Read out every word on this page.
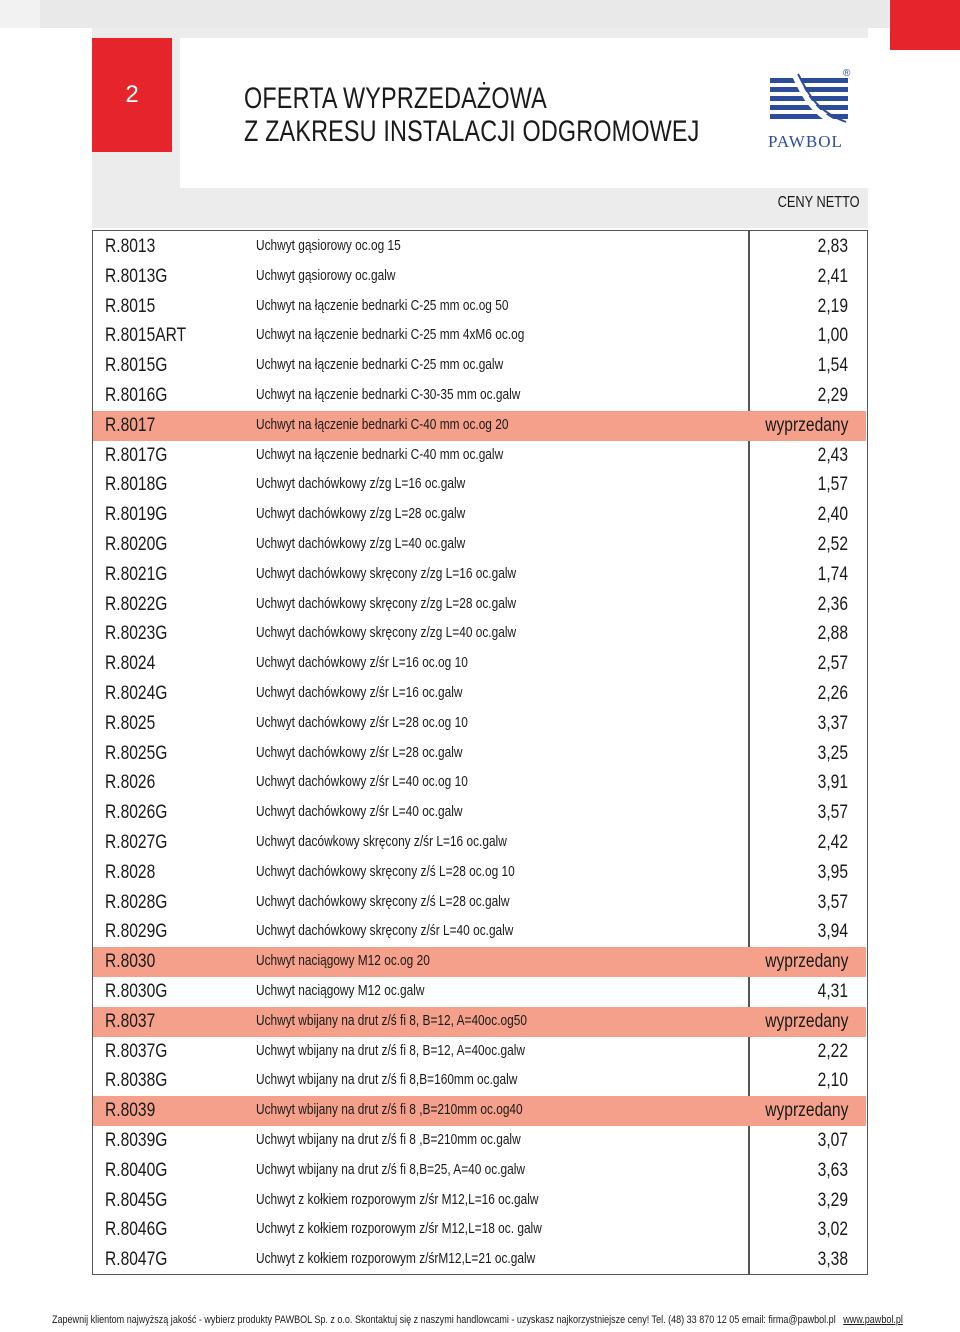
2	OFERTA WYPRZEDAŻOWA
Z ZAKRESU INSTALACJI ODGROMOWEJ	PAWBOL
®
CENY NETTO
R.8013	Uchwyt gąsiorowy oc.og 15	2,83
R.8013G	Uchwyt gąsiorowy oc.galw	2,41
R.8015	Uchwyt na łączenie bednarki C-25 mm oc.og 50	2,19
R.8015ART	Uchwyt na łączenie bednarki C-25 mm 4xM6 oc.og	1,00
R.8015G	Uchwyt na łączenie bednarki C-25 mm oc.galw	1,54
R.8016G	Uchwyt na łączenie bednarki C-30-35 mm oc.galw	2,29
R.8017	Uchwyt na łączenie bednarki C-40 mm oc.og 20	wyprzedany
R.8017G	Uchwyt na łączenie bednarki C-40 mm oc.galw	2,43
R.8018G	Uchwyt dachówkowy z/zg L=16 oc.galw	1,57
R.8019G	Uchwyt dachówkowy z/zg L=28 oc.galw	2,40
R.8020G	Uchwyt dachówkowy z/zg L=40 oc.galw	2,52
R.8021G	Uchwyt dachówkowy skręcony z/zg L=16 oc.galw	1,74
R.8022G	Uchwyt dachówkowy skręcony z/zg L=28 oc.galw	2,36
R.8023G	Uchwyt dachówkowy skręcony z/zg L=40 oc.galw	2,88
R.8024	Uchwyt dachówkowy z/śr L=16 oc.og 10	2,57
R.8024G	Uchwyt dachówkowy z/śr L=16 oc.galw	2,26
R.8025	Uchwyt dachówkowy z/śr L=28 oc.og 10	3,37
R.8025G	Uchwyt dachówkowy z/śr L=28 oc.galw	3,25
R.8026	Uchwyt dachówkowy z/śr L=40 oc.og 10	3,91
R.8026G	Uchwyt dachówkowy z/śr L=40 oc.galw	3,57
R.8027G	Uchwyt dacówkowy skręcony z/śr L=16 oc.galw	2,42
R.8028	Uchwyt dachówkowy skręcony z/ś L=28 oc.og 10	3,95
R.8028G	Uchwyt dachówkowy skręcony z/ś L=28 oc.galw	3,57
R.8029G	Uchwyt dachówkowy skręcony z/śr L=40 oc.galw	3,94
R.8030	Uchwyt naciągowy M12 oc.og 20	wyprzedany
R.8030G	Uchwyt naciągowy M12 oc.galw	4,31
R.8037	Uchwyt wbijany na drut z/ś fi 8, B=12, A=40oc.og50	wyprzedany
R.8037G	Uchwyt wbijany na drut z/ś fi 8, B=12, A=40oc.galw	2,22
R.8038G	Uchwyt wbijany na drut z/ś fi 8,B=160mm oc.galw	2,10
R.8039	Uchwyt wbijany na drut z/ś fi 8 ,B=210mm oc.og40	wyprzedany
R.8039G	Uchwyt wbijany na drut z/ś fi 8 ,B=210mm oc.galw	3,07
R.8040G	Uchwyt wbijany na drut z/ś fi 8,B=25, A=40 oc.galw	3,63
R.8045G	Uchwyt z kołkiem rozporowym z/śr M12,L=16 oc.galw	3,29
R.8046G	Uchwyt z kołkiem rozporowym z/śr M12,L=18 oc. galw	3,02
R.8047G	Uchwyt z kołkiem rozporowym z/śrM12,L=21 oc.galw	3,38
Zapewnij klientom najwyższą jakość - wybierz produkty PAWBOL Sp. z o.o. Skontaktuj się z naszymi handlowcami - uzyskasz najkorzystniejsze ceny! Tel. (48) 33 870 12 05 email: firma@pawbol.pl www.pawbol.pl
